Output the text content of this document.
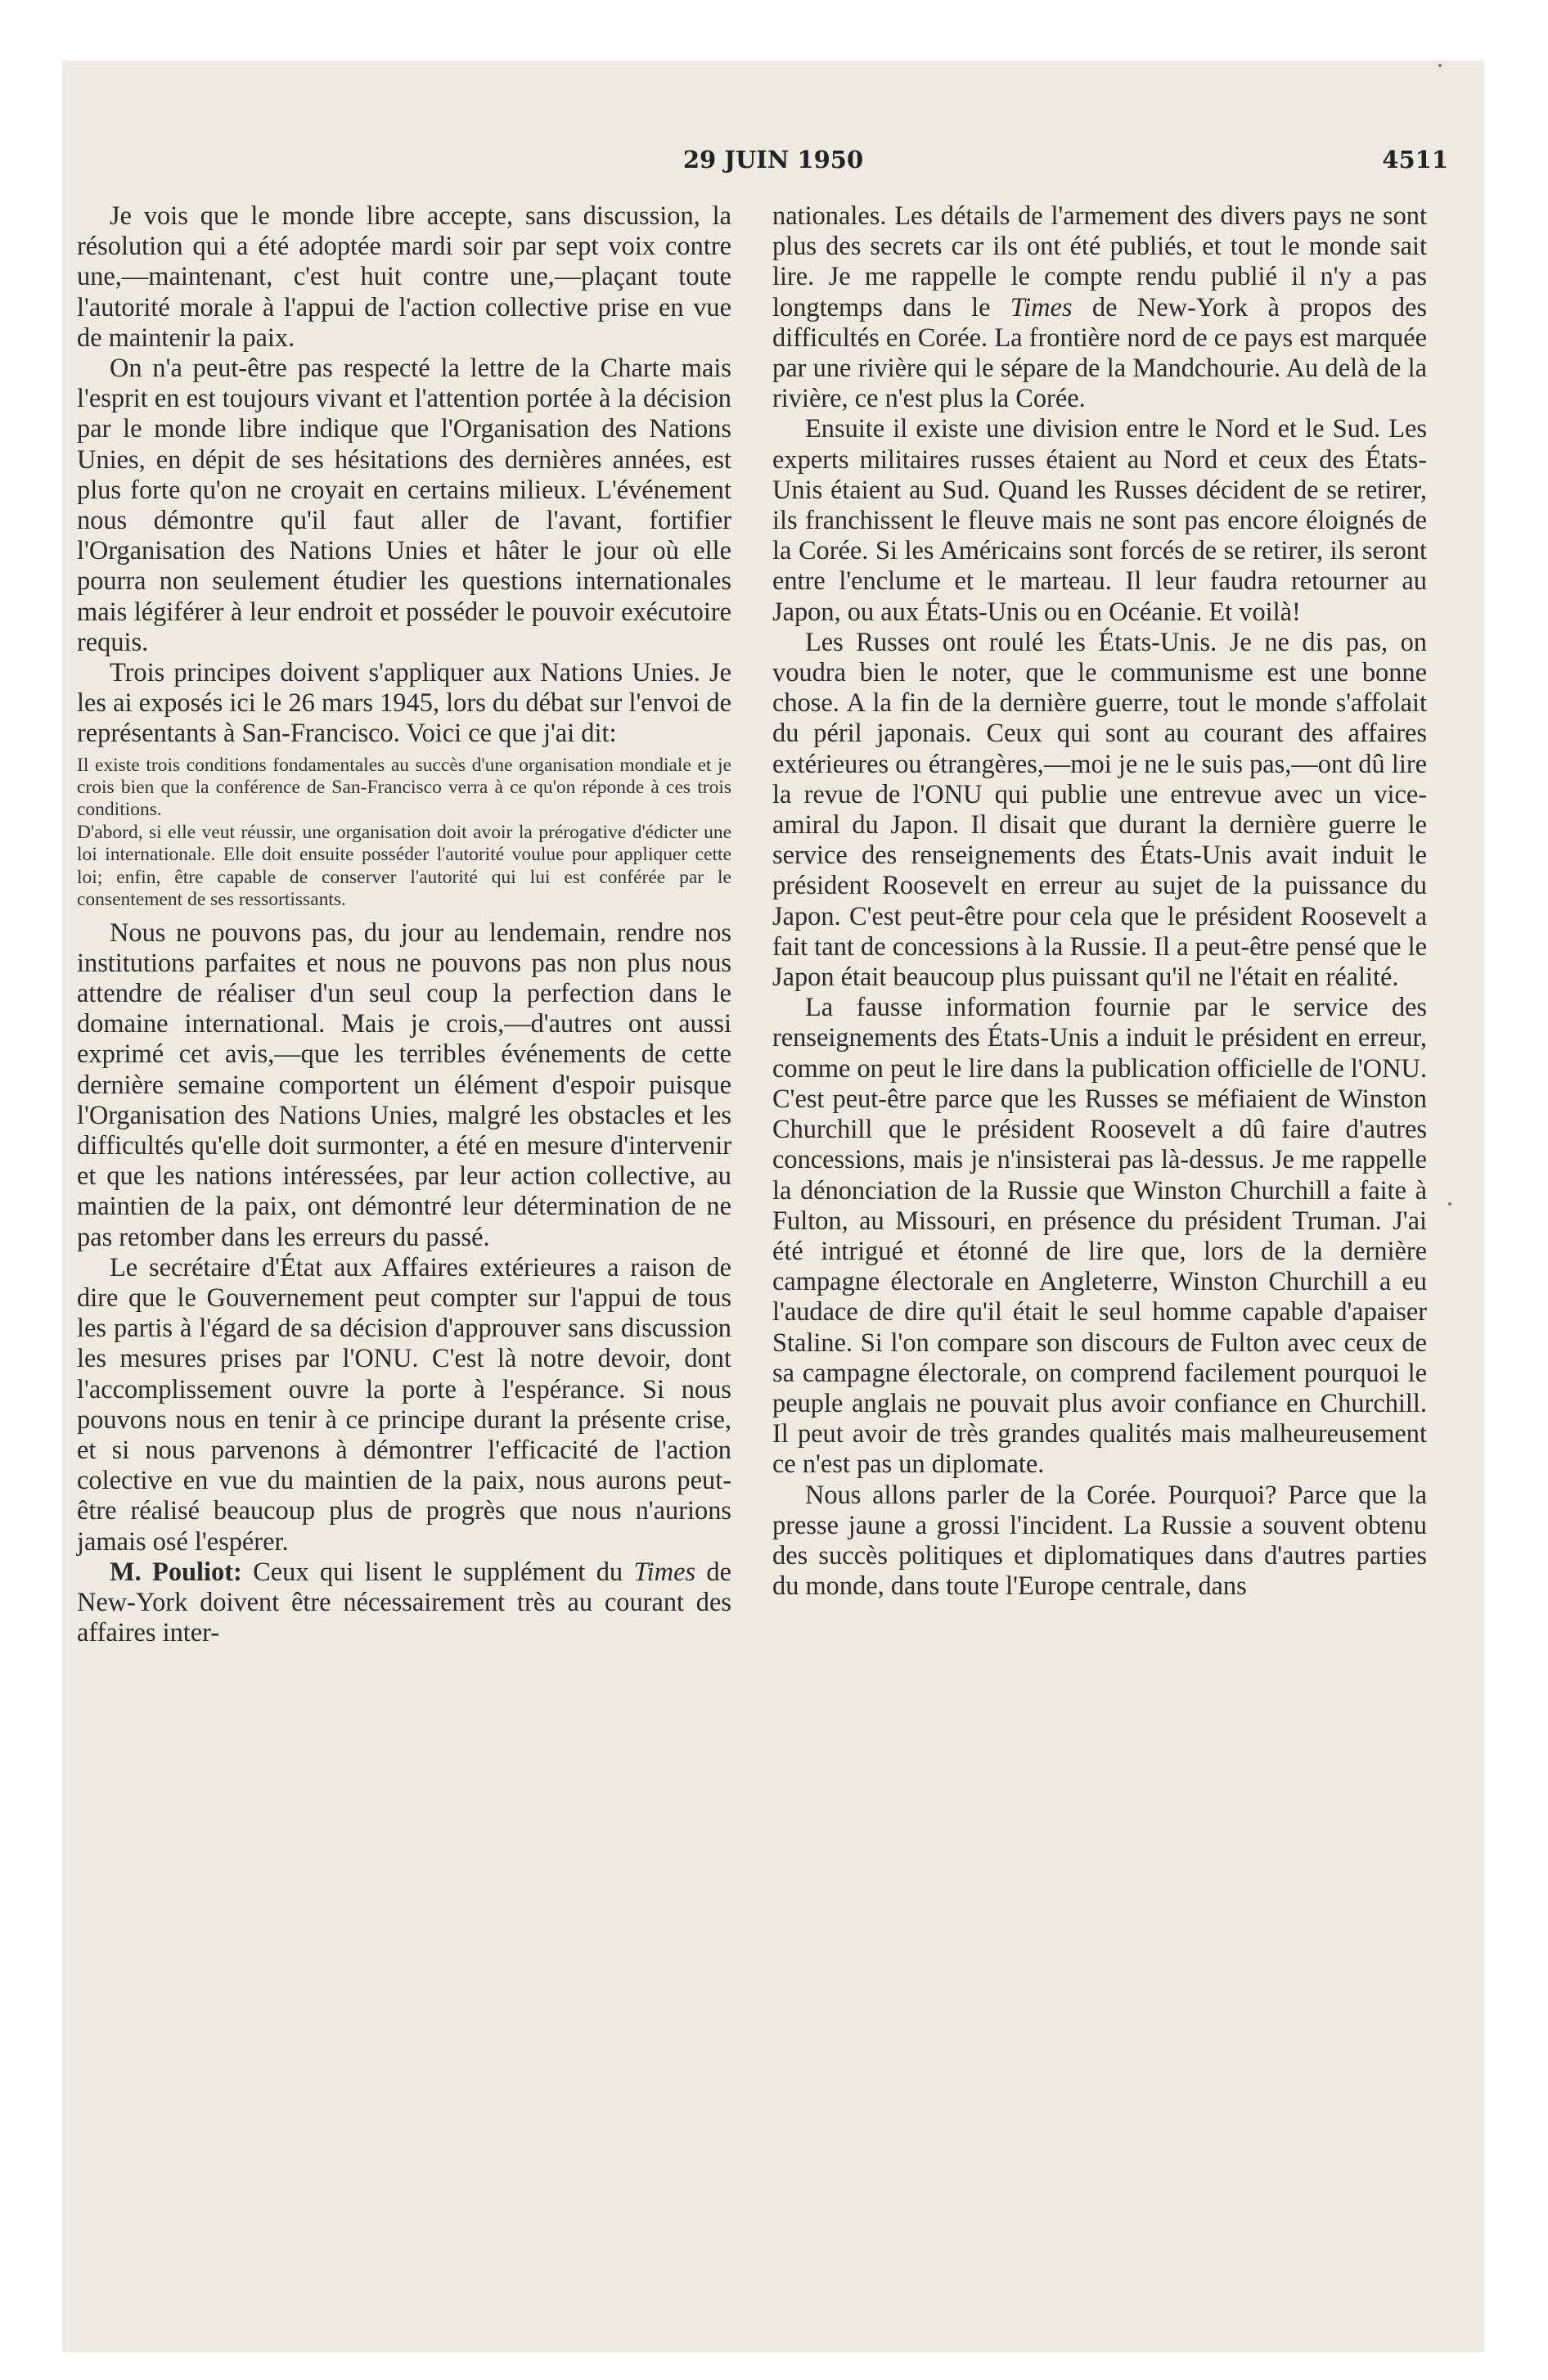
29 JUIN 1950	4511

Je vois que le monde libre accepte, sans discussion, la résolution qui a été adoptée mardi soir par sept voix contre une,—maintenant, c'est huit contre une,—plaçant toute l'autorité morale à l'appui de l'action collective prise en vue de maintenir la paix.

On n'a peut-être pas respecté la lettre de la Charte mais l'esprit en est toujours vivant et l'attention portée à la décision par le monde libre indique que l'Organisation des Nations Unies, en dépit de ses hésitations des dernières années, est plus forte qu'on ne croyait en certains milieux. L'événement nous démontre qu'il faut aller de l'avant, fortifier l'Organisation des Nations Unies et hâter le jour où elle pourra non seulement étudier les questions internationales mais légiférer à leur endroit et posséder le pouvoir exécutoire requis.

Trois principes doivent s'appliquer aux Nations Unies. Je les ai exposés ici le 26 mars 1945, lors du débat sur l'envoi de représentants à San-Francisco. Voici ce que j'ai dit:

Il existe trois conditions fondamentales au succès d'une organisation mondiale et je crois bien que la conférence de San-Francisco verra à ce qu'on réponde à ces trois conditions.

D'abord, si elle veut réussir, une organisation doit avoir la prérogative d'édicter une loi internationale. Elle doit ensuite posséder l'autorité voulue pour appliquer cette loi; enfin, être capable de conserver l'autorité qui lui est conférée par le consentement de ses ressortissants.

Nous ne pouvons pas, du jour au lendemain, rendre nos institutions parfaites et nous ne pouvons pas non plus nous attendre de réaliser d'un seul coup la perfection dans le domaine international. Mais je crois,—d'autres ont aussi exprimé cet avis,—que les terribles événements de cette dernière semaine comportent un élément d'espoir puisque l'Organisation des Nations Unies, malgré les obstacles et les difficultés qu'elle doit surmonter, a été en mesure d'intervenir et que les nations intéressées, par leur action collective, au maintien de la paix, ont démontré leur détermination de ne pas retomber dans les erreurs du passé.

Le secrétaire d'État aux Affaires extérieures a raison de dire que le Gouvernement peut compter sur l'appui de tous les partis à l'égard de sa décision d'approuver sans discussion les mesures prises par l'ONU. C'est là notre devoir, dont l'accomplissement ouvre la porte à l'espérance. Si nous pouvons nous en tenir à ce principe durant la présente crise, et si nous parvenons à démontrer l'efficacité de l'action colective en vue du maintien de la paix, nous aurons peut-être réalisé beaucoup plus de progrès que nous n'aurions jamais osé l'espérer.

M. Pouliot: Ceux qui lisent le supplément du Times de New-York doivent être nécessairement très au courant des affaires inter-

nationales. Les détails de l'armement des divers pays ne sont plus des secrets car ils ont été publiés, et tout le monde sait lire. Je me rappelle le compte rendu publié il n'y a pas longtemps dans le Times de New-York à propos des difficultés en Corée. La frontière nord de ce pays est marquée par une rivière qui le sépare de la Mandchourie. Au delà de la rivière, ce n'est plus la Corée.

Ensuite il existe une division entre le Nord et le Sud. Les experts militaires russes étaient au Nord et ceux des États-Unis étaient au Sud. Quand les Russes décident de se retirer, ils franchissent le fleuve mais ne sont pas encore éloignés de la Corée. Si les Américains sont forcés de se retirer, ils seront entre l'enclume et le marteau. Il leur faudra retourner au Japon, ou aux États-Unis ou en Océanie. Et voilà!

Les Russes ont roulé les États-Unis. Je ne dis pas, on voudra bien le noter, que le communisme est une bonne chose. A la fin de la dernière guerre, tout le monde s'affolait du péril japonais. Ceux qui sont au courant des affaires extérieures ou étrangères,—moi je ne le suis pas,—ont dû lire la revue de l'ONU qui publie une entrevue avec un vice-amiral du Japon. Il disait que durant la dernière guerre le service des renseignements des États-Unis avait induit le président Roosevelt en erreur au sujet de la puissance du Japon. C'est peut-être pour cela que le président Roosevelt a fait tant de concessions à la Russie. Il a peut-être pensé que le Japon était beaucoup plus puissant qu'il ne l'était en réalité.

La fausse information fournie par le service des renseignements des États-Unis a induit le président en erreur, comme on peut le lire dans la publication officielle de l'ONU. C'est peut-être parce que les Russes se méfiaient de Winston Churchill que le président Roosevelt a dû faire d'autres concessions, mais je n'insisterai pas là-dessus. Je me rappelle la dénonciation de la Russie que Winston Churchill a faite à Fulton, au Missouri, en présence du président Truman. J'ai été intrigué et étonné de lire que, lors de la dernière campagne électorale en Angleterre, Winston Churchill a eu l'audace de dire qu'il était le seul homme capable d'apaiser Staline. Si l'on compare son discours de Fulton avec ceux de sa campagne électorale, on comprend facilement pourquoi le peuple anglais ne pouvait plus avoir confiance en Churchill. Il peut avoir de très grandes qualités mais malheureusement ce n'est pas un diplomate.

Nous allons parler de la Corée. Pourquoi? Parce que la presse jaune a grossi l'incident. La Russie a souvent obtenu des succès politiques et diplomatiques dans d'autres parties du monde, dans toute l'Europe centrale, dans
